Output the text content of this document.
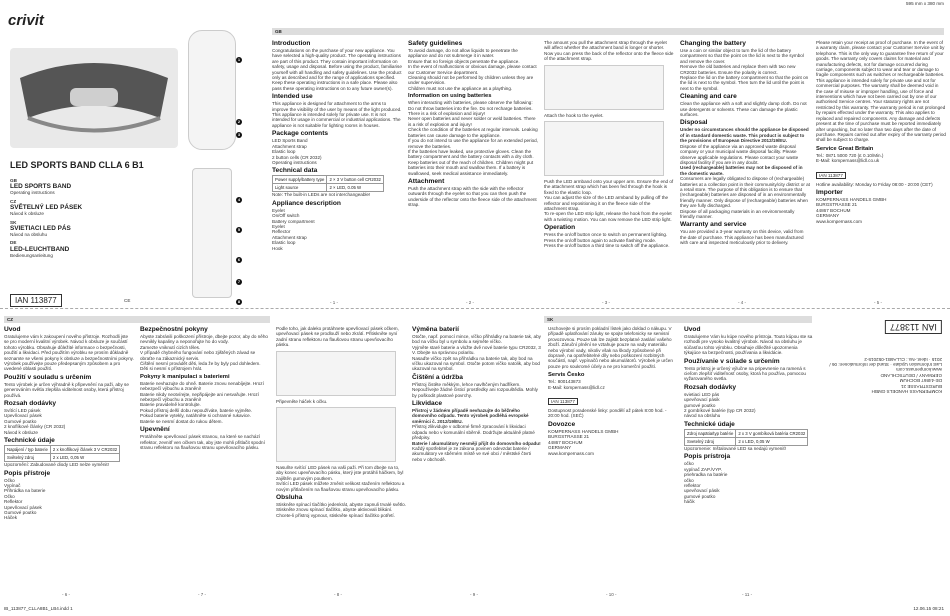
595 mm x 380 mm
crivit
LED SPORTS BAND CLLA 6 B1
GB
LED SPORTS BAND
Operating instructions
CZ
SVĚTELNÝ LED PÁSEK
Návod k obsluze
SK
SVIETIACI LED PÁS
Návod na obsluhu
DE
LED-LEUCHTBAND
Bedienungsanleitung
IAN 113877	CE
1
2
3
4
5
6
7
8
GB
Introduction
Congratulations on the purchase of your new appliance. You have selected a high-quality product. The operating instructions are part of this product. They contain important information on safety, usage and disposal. Before using the product, familiarise yourself with all handling and safety guidelines. Use the product only as described and for the range of applications specified. Keep these operating instructions in a safe place. Please also pass these operating instructions on to any future owner(s).
Intended use
This appliance is designed for attachment to the arms to improve the visibility of the user by means of the light produced. This appliance is intended solely for private use. It is not intended for usage in commercial or industrial applications. The appliance is not suitable for lighting rooms in houses.
Package contents
LED Sports Band
Attachment strap
Elastic loop
2 button cells (CR 2032)
Operating instructions
Technical data
Power supply/battery type	2 × 3 V button cell CR2032
Light source	2 × LED, 0.05 W
Note: The built-in LEDs are not interchangeable!
Appliance description
Eyelet
On/Off switch
Battery compartment
Eyelet
Reflector
Attachment strap
Elastic loop
Hook
- 1 -
Safety guidelines
To avoid damage, do not allow liquids to penetrate the appliance and do not submerge it in water.
Ensure that no foreign objects penetrate the appliance.
In the event of malfunctions or obvious damage, please contact our Customer Service department.
Cleaning should not be performed by children unless they are under supervision.
Children must not use the appliance as a plaything.
Information on using batteries
When interacting with batteries, please observe the following:
Do not throw batteries into the fire. Do not recharge batteries. There is a risk of explosion and injury!
Never open batteries and never solder or weld batteries. There is a risk of explosion and injury!
Check the condition of the batteries at regular intervals. Leaking batteries can cause damage to the appliance.
If you do not intend to use the appliance for an extended period, remove the batteries.
If the batteries have leaked, use protective gloves. Clean the battery compartment and the battery contacts with a dry cloth.
Keep batteries out of the reach of children. Children might put batteries into their mouth and swallow them. If a battery is swallowed, seek medical assistance immediately.
Attachment
Push the attachment strap with the side with the reflector outwards through the eyelet so that you can then push the underside of the reflector onto the fleece side of the attachment strap.
- 2 -
The amount you pull the attachment strap through the eyelet will affect whether the attachment band is longer or shorter. Now you can press the back of the reflector onto the fleece side of the attachment strap.
Attach the hook to the eyelet.
Push the LED armband onto your upper arm. Ensure the end of the attachment strap which has been fed through the hook is fixed to the elastic loop.
You can adjust the size of the LED armband by pulling off the reflector and repositioning it on the fleece side of the attachment strap.
To re-open the LED strip light, release the hook from the eyelet with a twisting motion. You can now remove the LED strip light.
Operation
Press the on/off button once to switch on permanent lighting.
Press the on/off button again to activate flashing mode.
Press the on/off button a third time to switch off the appliance.
- 3 -
Changing the battery
Use a coin or similar object to turn the lid of the battery compartment so that the point on the lid is next to the symbol and remove the cover.
Remove the old batteries and replace them with two new CR2032 batteries. Ensure the polarity is correct.
Replace the lid on the battery compartment so that the point on the lid is next to the symbol. Then turn the lid until the point is next to the symbol.
Cleaning and care
Clean the appliance with a soft and slightly damp cloth. Do not use detergents or solvents. These can damage the plastic surfaces.
Disposal
Under no circumstances should the appliance be disposed of in standard domestic waste. This product is subject to the provisions of European Directive 2012/19/EU.
Dispose of the appliance via an approved waste disposal company or your municipal waste disposal facility. Please observe applicable regulations. Please contact your waste disposal facility if you are in any doubt.
Used (rechargeable) batteries may not be disposed of in the domestic waste.
Consumers are legally obligated to dispose of (rechargeable) batteries at a collection point in their community/city district or at a retail store. The purpose of this obligation is to ensure that (rechargeable) batteries are disposed of in an environmentally friendly manner. Only dispose of (rechargeable) batteries when they are fully discharged.
Dispose of all packaging materials in an environmentally friendly manner.
Warranty and service
You are provided a 3-year warranty on this device, valid from the date of purchase. This appliance has been manufactured with care and inspected meticulously prior to delivery.
- 4 -
Please retain your receipt as proof of purchase. In the event of a warranty claim, please contact your Customer Service unit by telephone. This is the only way to guarantee free return of your goods. The warranty only covers claims for material and manufacturing defects, not for damage occurred during carriage, components subject to wear and tear or damage to fragile components such as switches or rechargeable batteries. This appliance is intended solely for private use and not for commercial purposes. The warranty shall be deemed void in the case of misuse or improper handling, use of force and interventions which have not been carried out by one of our authorised Service centres. Your statutory rights are not restricted by this warranty. The warranty period is not prolonged by repairs effected under the warranty. This also applies to replaced and repaired components. Any damage and defects present at the time of purchase must be reported immediately after unpacking, but no later than two days after the date of purchase. Repairs carried out after expiry of the warranty period shall be subject to charge.
Service Great Britain
Tel.: 0871 5000 720 (£ 0.10/Min.)
E-Mail: kompernass@lidl.co.uk
IAN 113877
Hotline availability: Monday to Friday 08:00 - 20:00 (CET)
Importer
KOMPERNASS HANDELS GMBH
BURGSTRASSE 21
44867 BOCHUM
GERMANY
www.kompernass.com
- 5 -
CZ	SK
Úvod
Gratulujeme vám k zakoupení nového přístroje. Rozhodli jste se pro moderní kvalitní výrobek. Návod k obsluze je součástí tohoto výrobku. Obsahuje důležité informace o bezpečnosti, použití a likvidaci. Před použitím výrobku se prosím důkladně seznamte se všemi pokyny k obsluze a bezpečnostními pokyny. Výrobek používejte pouze předepsaným způsobem a pro uvedené oblasti použití.
Použití v souladu s určením
Tento výrobek je určen výhradně k připevnění na paži, aby se generováním světla zlepšila viditelnost osoby, která přístroj používá.
Rozsah dodávky
Svítící LED pásek
Upevňovací pásek
Gumové poutko
2 knoflíkové články (CR 2032)
Návod k obsluze
Technické údaje
Napájení / typ baterie	2 x knoflíkový článek 3 V CR2032
Světelný zdroj	2 x LED, 0,05 W
Upozornění: Zabudované diody LED nelze vyměnit!
Popis přístroje
Očko
Vypínač
Přihrádka na baterie
Očko
Reflektor
Upevňovací pásek
Gumové poutko
Háček
- 6 -
Bezpečnostní pokyny
Abyste zabránili poškození přístroje, dbejte pozor, aby do něho nevnikly kapaliny a neponořujte ho do vody.
Zamezte vniknutí cizích těles.
V případě chybného fungování nebo zjištěných závad se obraťte na zákaznický servis.
Čištění nesmí provádět děti, leda že by byly pod dohledem.
Děti si nesmí s přístrojem hrát.
Pokyny k manipulaci s bateriemi
Baterie nevhazujte do ohně. Baterie znovu nenabíjejte. Hrozí nebezpečí výbuchu a zranění!
Baterie nikdy neotvírejte, nepřipájejte ani nesvařujte. Hrozí nebezpečí výbuchu a zranění!
Baterie pravidelně kontrolujte.
Pokud přístroj delší dobu nepoužíváte, baterie vyjměte.
Pokud baterie vytekly, natáhněte si ochranné rukavice.
Baterie se nesmí dostat do rukou dětem.
Upevnění
Protáhněte upevňovací pásek stranou, na které se nachází reflektor, zevnitř ven očkem tak, aby jste mohli přitlačit spodní stranu reflektoru na flaušovou stranu upevňovacího pásku.
- 7 -
Podle toho, jak daleko protáhnete upevňovací pásek očkem, upevňovací pásek se prodlouží nebo zkrátí. Přitiskněte nyní zadní stranu reflektoru na flaušovou stranu upevňovacího pásku.
Připevněte háček k očku.
Nasuňte svítící LED pásek na vaši paži. Při tom dbejte na to, aby konec upevňovacího pásku, který jste protáhli háčkem, byl zajištěn gumovým poutkem.
Svítící LED pásek můžete změnit velikost stažením reflektoru a novým přitlačením na flaušovou stranu upevňovacího pásku.
Obsluha
Stiskněte spínací tlačítko jedenkrát, abyste zapnuli trvalé světlo.
Stiskněte znovu spínací tlačítko, abyste aktivovali blikání.
Chcete-li přístroj vypnout, stiskněte spínací tlačítko potřetí.
- 8 -
Výměna baterií
Otočte, např. pomocí mince, víčko přihrádky na baterie tak, aby bod na víčku byl u symbolu a sejměte víčko.
Vyjměte staré baterie a vložte dvě nové baterie typu CR2032, 3 V. Dbejte na správnou polaritu.
Nasaďte víčko zpět na přihrádku na baterie tak, aby bod na víčku ukazoval na symbol. Otočte potom víčko natolik, aby bod ukazoval na symbol.
Čištění a údržba
Přístroj čistěte měkkým, lehce navlhčeným hadříkem. Nepoužívejte žádné čisticí prostředky ani rozpouštědla. Mohly by poškodit plastové povrchy.
Likvidace
Přístroj v žádném případě nevhazujte do běžného domovního odpadu. Tento výrobek podléhá evropské směrnici č. 2012/19/EU.
Přístroj zlikvidujte v odborné firmě zpracování k likvidaci odpadu nebo v komunální sběrně. Dodržujte aktuálně platné předpisy.
Baterie / akumulátory nesmějí přijít do domovního odpadu!
Každý spotřebitel je ze zákona povinen odevzdat baterie / akumulátory ve sběrném místě ve své obci / městské čtvrti nebo v obchodě.
- 9 -
Uschovejte si prosím pokladní lístek jako doklad o nákupu. V případě uplatňování záruky se spojte telefonicky se servisní provozovnou. Pouze tak lze zajistit bezplatné zaslání vašeho zboží. Záruční plnění se vztahuje pouze na vady materiálu nebo výrobní vady, nikoliv však na škody způsobené při dopravě, na opotřebitelné díly nebo poškození rozbitných součástí, např. vypínačů nebo akumulátorů. Výrobek je určen pouze pro soukromé účely a ne pro komerční použití.
Servis Česko
Tel.: 800143873
E-Mail: kompernass@lidl.cz
IAN 113877
Dostupnost poradenské linky: pondělí až pátek 8:00 hod. - 20:00 hod. (SEČ)
Dovozce
KOMPERNASS HANDELS GMBH
BURGSTRASSE 21
44867 BOCHUM
GERMANY
www.kompernass.com
- 10 -
Úvod
Gratulujeme Vám ku kúpe nového prístroja. Touto kúpou ste sa rozhodli pre vysoko kvalitný výrobok. Návod na obsluhu je súčasťou tohto výrobku. Obsahuje dôležité upozornenia týkajúce sa bezpečnosti, používania a likvidácie.
Používanie v súlade s určením
Tento prístroj je určený výlučne na pripevnenie na ramená s cieľom zlepšiť viditeľnosť osoby, ktorá ho používa, pomocou vyžarovaného svetla.
Rozsah dodávky
svietiaci LED pás
upevňovací pásik
gumové poutko
2 gombíkové batérie (typ CR 2032)
návod na obsluhu
Technické údaje
Zdroj napätia/typ batérie	2 x 3 V gombíková batéria CR2032
Svetelný zdroj	2 x LED, 0,05 W
Upozornenie: Inštalované LED sa nedajú vymeniť!
Popis prístroja
očko
vypínač ZAP./VYP.
priehradka na batérie
očko
reflektor
upevňovací pásik
gumové poutko
háčik
- 11 -
IAN 113877
KOMPERNASS HANDELS GMBH
BURGSTRASSE 21
DE-44867 BOCHUM
GERMANY / DEUTSCHLAND
www.kompernass.com
Last Information Update · Stand der Informationen: 06 / 2015 · Ident.-No.: CLLA6B1-052015-2
IB_113877_CLLA8B1_LB4.indd 1	12.06.15 08:21
